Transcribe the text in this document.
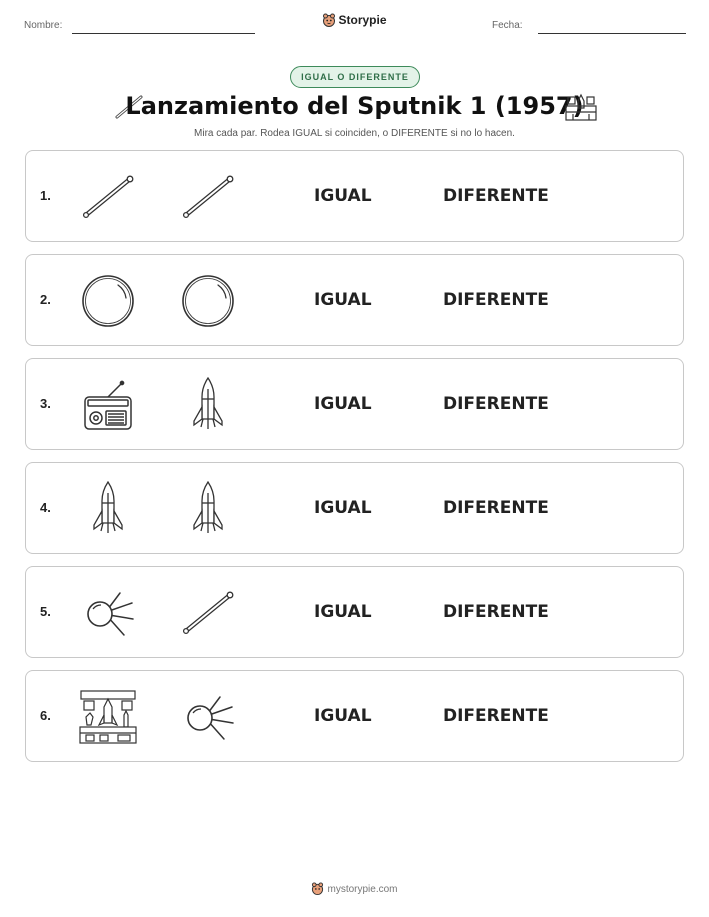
Nombre:	Storypie	Fecha:
IGUAL O DIFERENTE
Lanzamiento del Sputnik 1 (1957)
Mira cada par. Rodea IGUAL si coinciden, o DIFERENTE si no lo hacen.
1.	IGUAL	DIFERENTE
2.	IGUAL	DIFERENTE
3.	IGUAL	DIFERENTE
4.	IGUAL	DIFERENTE
5.	IGUAL	DIFERENTE
6.	IGUAL	DIFERENTE
mystorypie.com
